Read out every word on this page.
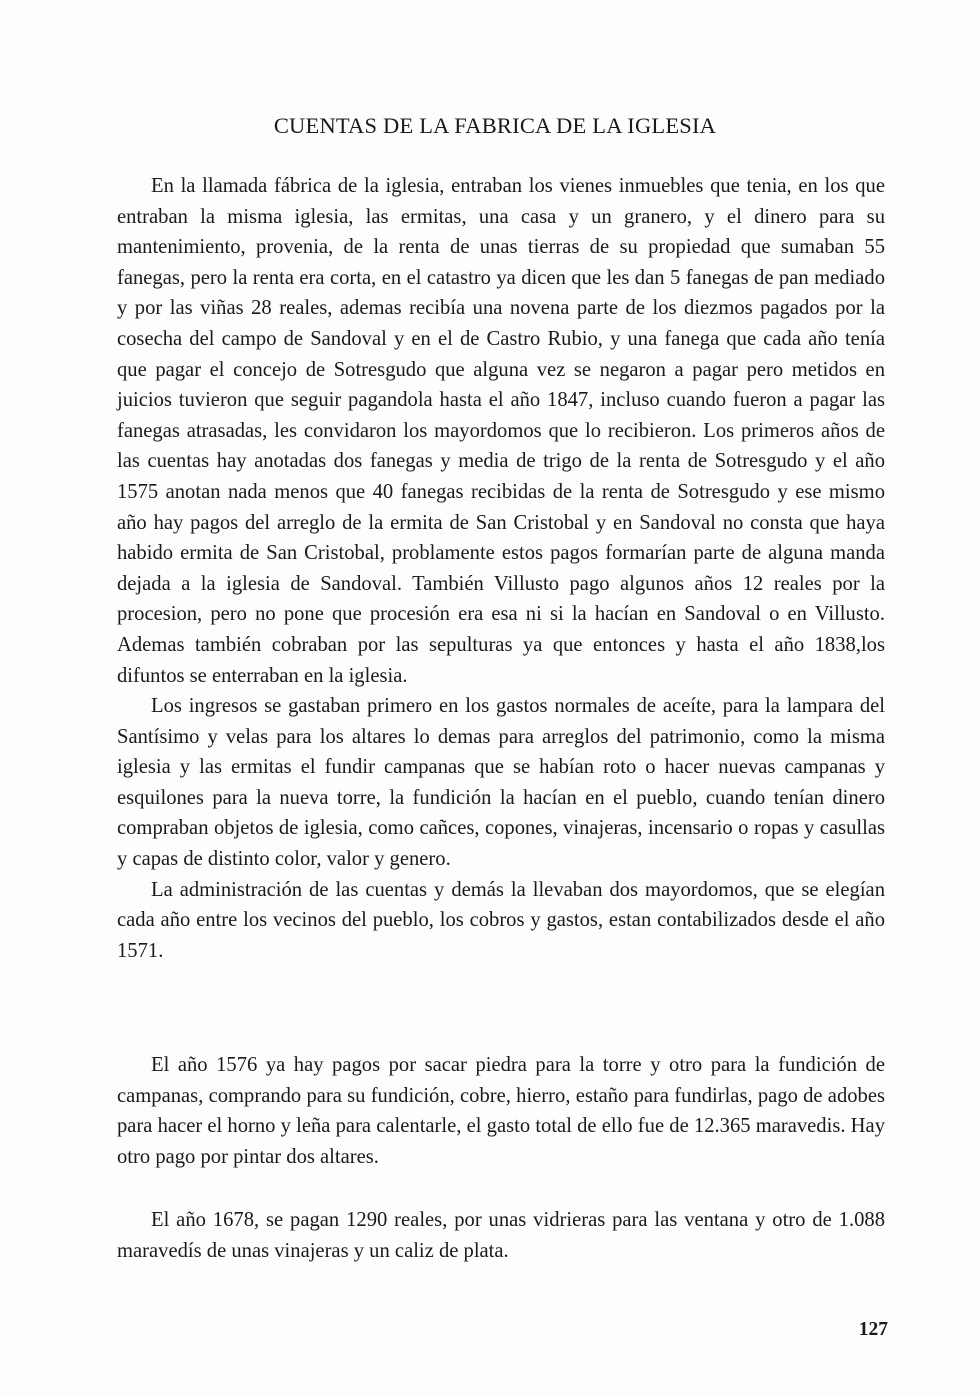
CUENTAS DE LA FABRICA DE LA IGLESIA

En la llamada fábrica de la iglesia, entraban los vienes inmuebles que tenia, en los que entraban la misma iglesia, las ermitas, una casa y un granero, y el dinero para su mantenimiento, provenia, de la renta de unas tierras de su propiedad que sumaban 55 fanegas, pero la renta era corta, en el catastro ya dicen que les dan 5 fanegas de pan mediado y por las viñas 28 reales, ademas recibía una novena parte de los diezmos pagados por la cosecha del campo de Sandoval y en el de Castro Rubio, y una fanega que cada año tenía que pagar el concejo de Sotresgudo que alguna vez se negaron a pagar pero metidos en juicios tuvieron que seguir pagandola hasta el año 1847, incluso cuando fueron a pagar las fanegas atrasadas, les convidaron los mayordomos que lo recibieron. Los primeros años de las cuentas hay anotadas dos fanegas y media de trigo de la renta de Sotresgudo y el año 1575 anotan nada menos que 40 fanegas recibidas de la renta de Sotresgudo y ese mismo año hay pagos del arreglo de la ermita de San Cristobal y en Sandoval no consta que haya habido ermita de San Cristobal, problamente estos pagos formarían parte de alguna manda dejada a la iglesia de Sandoval. También Villusto pago algunos años 12 reales por la procesion, pero no pone que procesión era esa ni si la hacían en Sandoval o en Villusto. Ademas también cobraban por las sepulturas ya que entonces y hasta el año 1838,los difuntos se enterraban en la iglesia.

Los ingresos se gastaban primero en los gastos normales de aceíte, para la lampara del Santísimo y velas para los altares lo demas para arreglos del patrimonio, como la misma iglesia y las ermitas el fundir campanas que se habían roto o hacer nuevas campanas y esquilones para la nueva torre, la fundición la hacían en el pueblo, cuando tenían dinero compraban objetos de iglesia, como cañces, copones, vinajeras, incensario o ropas y casullas y capas de distinto color, valor y genero.

La administración de las cuentas y demás la llevaban dos mayordomos, que se elegían cada año entre los vecinos del pueblo, los cobros y gastos, estan contabilizados desde el año 1571.

El año 1576 ya hay pagos por sacar piedra para la torre y otro para la fundición de campanas, comprando para su fundición, cobre, hierro, estaño para fundirlas, pago de adobes para hacer el horno y leña para calentarle, el gasto total de ello fue de 12.365 maravedis. Hay otro pago por pintar dos altares.

El año 1678, se pagan 1290 reales, por unas vidrieras para las ventana y otro de 1.088 maravedís de unas vinajeras y un caliz de plata.

127
